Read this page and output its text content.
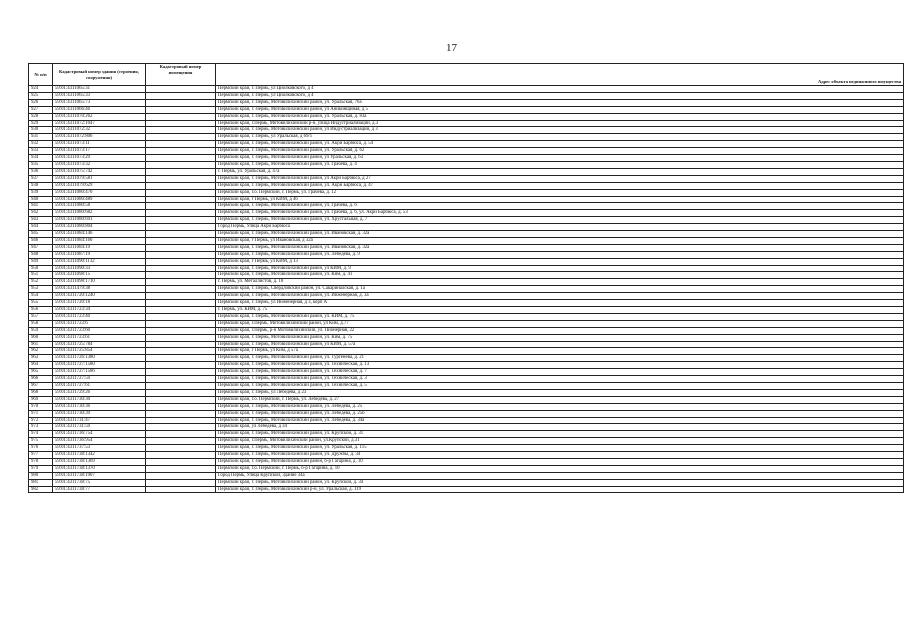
17
№ п/п	Кадастровый номер здания (строения, сооружения)	Кадастровый номер помещения	Адрес объекта недвижимого имущества
924	59:01:4311065:31		Пермский край, г. Пермь, ул Циолковского, д 4
925	59:01:4311065:33		Пермский край, г. Пермь, ул Циолковского, д 4
926	59:01:4311065:73		Пермский край, г. Пермь, Мотовилихинский район, ул. Уральская, 76а
927	59:01:4311066:46		Пермский край, г. Пермь, Мотовилихинский район, ул Аникинщиная, д 5
928	59:01:4311070:262		Пермский край, г. Пермь, Мотовилихинский район, ул. Уральская, д. 83а
929	59:01:4311072:1047		Пермский край, г.Пермь, Мотовилихинский р-н, улица Индустриализации, д.3
930	59:01:4311072:32		Пермский край, г. Пермь, Мотовилихинский район, ул Индустриализации, д 3
931	59:01:4311072:806		Пермский край, г. Пермь, ул Уральская, д 69/1
932	59:01:4311073:11		Пермский край, г. Пермь, Мотовилихинский район, ул. Акри Барбюса, д. 54
933	59:01:4311073:17		Пермский край, г. Пермь, Мотовилихинский район, ул. Уральская, д. 62
934	59:01:4311073:29		Пермский край, г. Пермь, Мотовилихинский район, ул Уральская, д. 63
935	59:01:4311073:32		Пермский край, г. Пермь, Мотовилихинский район, ул. Грачева, д. 4
936	59:01:4311075:742		г. Пермь, ул. Уральская, д. 47а
937	59:01:4311079:581		Пермский край, г. Пермь, Мотовилихинский район, ул Акри Барбюса, д 27
938	59:01:4311079:629		Пермский край, г. Пермь, Мотовилихинский район, ул. Акри Барбюса, д. 47
939	59:01:4311080:470		Пермский край, г.о. Пермский, г. Пермь, ул. Грачева, д. 12
940	59:01:4311080:489		Пермский край, г Пермь, ул КИМ, д 46
941	59:01:4311080:58		Пермский край, г. Пермь, Мотовилихинский район, ул. Грачева, д. 6
942	59:01:4311080:682		Пермский край, г. Пермь, Мотовилихинский район, ул. Грачева, д. 6, ул. Акри Барбюса, д. 53
943	59:01:4311080:691		Пермский край, г. Пермь, Мотовилихинский район, ул. Хрустальная, д. 7
944	59:01:4311080:804		Город Пермь, Улица Акри Барбюса
945	59:01:4311084:146		Пермский край, г. Пермь, Мотовилихинский район, ул. Ивановская, д. 32а
946	59:01:4311084:160		Пермский край, г Пермь, ул Ивановская, д 32а
947	59:01:4311084:19		Пермский край, г. Пермь, Мотовилихинский район, ул. Ивановская, д. 32а
948	59:01:4311087:19		Пермский край, г. Пермь, Мотовилихинский район, ул. Лебедева, д. 9
949	59:01:4311090:1132		Пермский край, г Пермь, ул КИМ, д 13
950	59:01:4311090:33		Пермский край, г. Пермь, Мотовилихинский район, ул КИМ, д. 9
951	59:01:4311098:15		Пермский край, г. Пермь, Мотовилихинский район, ул. Ким, д. 41
952	59:01:4311098:1710		г. Пермь, ул. Металлистов, д. 18
953	59:01:4311479:38		Пермский край, г. Пермь, Свердловский район, ул. Сакариналская, д. 1а
954	59:01:4311720:1240		Пермский край, г. Пермь, Мотовилихинский район, ул. Инженерная, д. 3а
955	59:01:4311720:18		Пермский край, г. Пермь, ул Инженерная, д 3, корп А
956	59:01:4311723:34		г. Пермь, ул. КИМ, д. 75
957	59:01:4311723:40		Пермский край, г. Пермь, Мотовилихинский район, ул. КИМ, д. 75
958	59:01:4311723:6		Пермский край, г.Пермь, Мотовилихинский район, ул Ким, д.77
959	59:01:4311723:60		Пермский край, г.Пермь, р-н Мотовилихинский, ул. Пионерная, 22
960	59:01:4311723:61		Пермский край, г. Пермь, Мотовилихинский район, ул. Ким, д. 75
961	59:01:4311725:784		Пермский край, г. Пермь, Мотовилихинский район, ул КИМ, д. 57а
962	59:01:4311725:854		Пермский край, г Пермь, ул Ким, д 57а
963	59:01:4311726:1380		Пермский край, г. Пермь, Мотовилихинский район, ул. Тургенева, д. 21
964	59:01:4311727:1580		Пермский край, г. Пермь, Мотовилихинский район, ул. Техническая, д. 13
965	59:01:4311727:1586		Пермский край, г. Пермь, Мотовилихинский район, ул. Техническая, д. 7
966	59:01:4311727:59		Пермский край, г. Пермь, Мотовилихинский район, ул. Техническая, д. 3
967	59:01:4311727:61		Пермский край, г. Пермь, Мотовилихинский район, ул. Техническая, д. 5
968	59:01:4311729:26		Пермский край, г. Пермь, ул Лебедева, д 23
969	59:01:4311730:30		Пермский край, г.о. Пермский, г. Пермь, ул. Лебедева, д. 27
970	59:01:4311730:36		Пермский край, г. Пермь, Мотовилихинский район, ул. Лебедева, д. 25
971	59:01:4311730:39		Пермский край, г. Пермь, Мотовилихинский район, ул. Лебедева, д. 25б
972	59:01:4311731:47		Пермский край, г. Пермь, Мотовилихинский район, ул. Лебедева, д. 34а
973	59:01:4311731:59		Пермский край, ул Лебедева, д 34
974	59:01:4311736:754		Пермский край, г. Пермь, Мотовилихинский район, ул. Крупской, д. 31
975	59:01:4311736:954		Пермский край, г.Пермь, Мотовилихинский район, ул.Крупской, д.31
976	59:01:4311737:53		Пермский край, г. Пермь, Мотовилихинский район, ул. Уральская, д. 115
977	59:01:4311738:1342		Пермский край, г. Пермь, Мотовилихинский район, ул. Дружбы, д. 34
978	59:01:4311738:1369		Пермский край, г. Пермь, Мотовилихинский район, б-р Гагарина, д. 10
979	59:01:4311738:1370		Пермский край, г.о. Пермский, г. Пермь, б-р Гагарина, д. 10
980	59:01:4311738:1907		Город Пермь, Улица Крупской, Здание 34а
981	59:01:4311738:75		Пермский край, г. Пермь, Мотовилихинский район, ул. Крупской, д. 34
982	59:01:4311738:77		Пермский край, г. Пермь, Мотовилихинский р-н, ул. Уральская, д. 119
